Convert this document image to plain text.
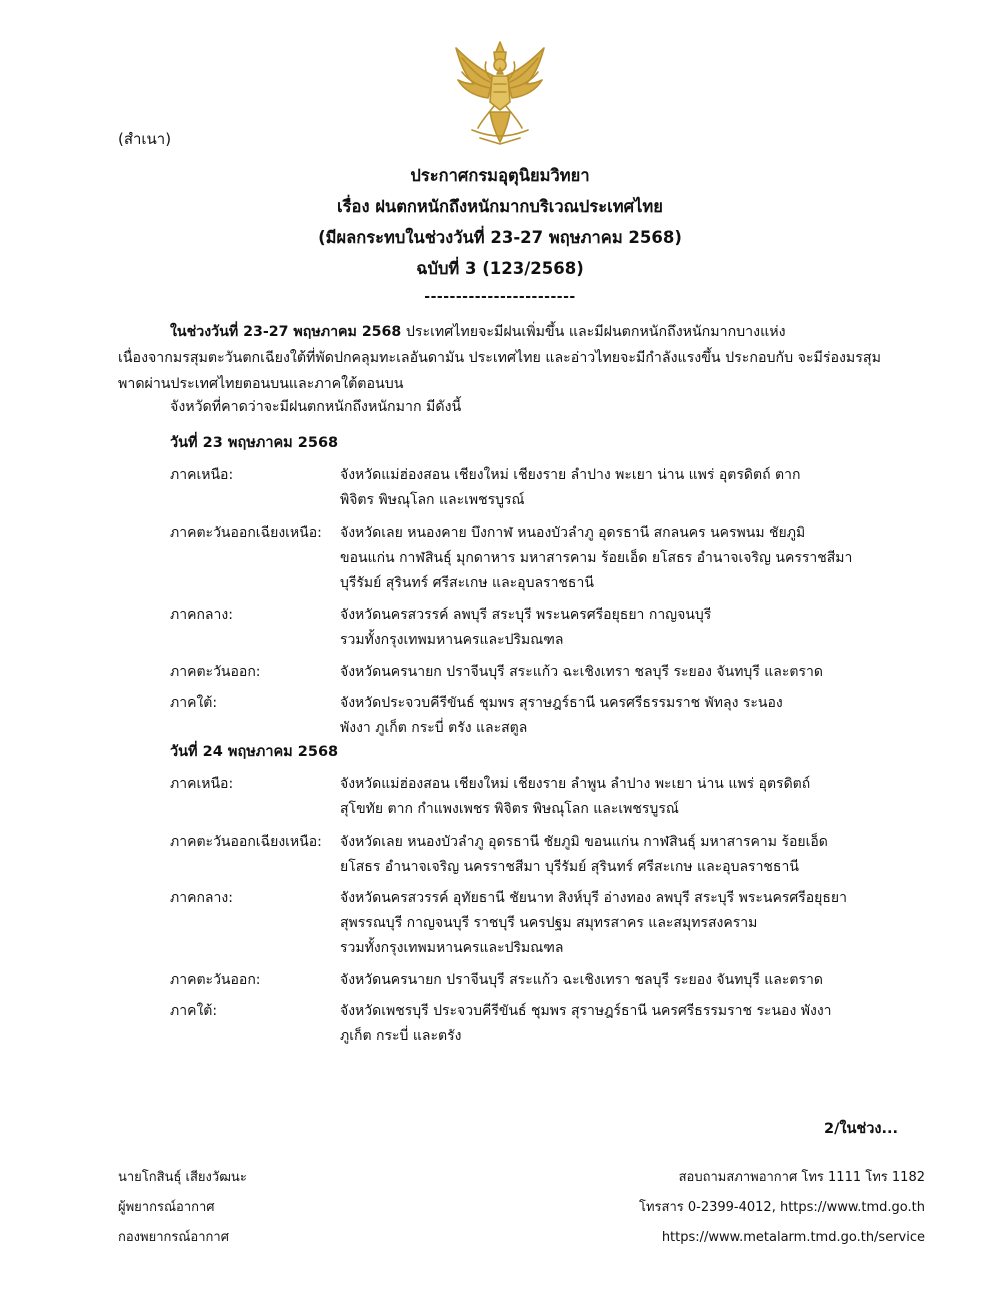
(สำเนา)
ประกาศกรมอุตุนิยมวิทยา
เรื่อง ฝนตกหนักถึงหนักมากบริเวณประเทศไทย
(มีผลกระทบในช่วงวันที่ 23-27 พฤษภาคม 2568)
ฉบับที่ 3 (123/2568)
------------------------
ในช่วงวันที่ 23-27 พฤษภาคม 2568 ประเทศไทยจะมีฝนเพิ่มขึ้น และมีฝนตกหนักถึงหนักมากบางแห่ง
เนื่องจากมรสุมตะวันตกเฉียงใต้ที่พัดปกคลุมทะเลอันดามัน ประเทศไทย และอ่าวไทยจะมีกำลังแรงขึ้น ประกอบกับ จะมีร่องมรสุม
พาดผ่านประเทศไทยตอนบนและภาคใต้ตอนบน
จังหวัดที่คาดว่าจะมีฝนตกหนักถึงหนักมาก มีดังนี้
วันที่ 23 พฤษภาคม 2568
ภาคเหนือ:	จังหวัดแม่ฮ่องสอน เชียงใหม่ เชียงราย ลำปาง พะเยา น่าน แพร่ อุตรดิตถ์ ตาก
พิจิตร พิษณุโลก และเพชรบูรณ์
ภาคตะวันออกเฉียงเหนือ: จังหวัดเลย หนองคาย บึงกาฬ หนองบัวลำภู อุดรธานี สกลนคร นครพนม ชัยภูมิ
ขอนแก่น กาฬสินธุ์ มุกดาหาร มหาสารคาม ร้อยเอ็ด ยโสธร อำนาจเจริญ นครราชสีมา
บุรีรัมย์ สุรินทร์ ศรีสะเกษ และอุบลราชธานี
ภาคกลาง:	จังหวัดนครสวรรค์ ลพบุรี สระบุรี พระนครศรีอยุธยา กาญจนบุรี
รวมทั้งกรุงเทพมหานครและปริมณฑล
ภาคตะวันออก:	จังหวัดนครนายก ปราจีนบุรี สระแก้ว ฉะเชิงเทรา ชลบุรี ระยอง จันทบุรี และตราด
ภาคใต้:	จังหวัดประจวบคีรีขันธ์ ชุมพร สุราษฎร์ธานี นครศรีธรรมราช พัทลุง ระนอง
พังงา ภูเก็ต กระบี่ ตรัง และสตูล
วันที่ 24 พฤษภาคม 2568
ภาคเหนือ:	จังหวัดแม่ฮ่องสอน เชียงใหม่ เชียงราย ลำพูน ลำปาง พะเยา น่าน แพร่ อุตรดิตถ์
สุโขทัย ตาก กำแพงเพชร พิจิตร พิษณุโลก และเพชรบูรณ์
ภาคตะวันออกเฉียงเหนือ: จังหวัดเลย หนองบัวลำภู อุดรธานี ชัยภูมิ ขอนแก่น กาฬสินธุ์ มหาสารคาม ร้อยเอ็ด
ยโสธร อำนาจเจริญ นครราชสีมา บุรีรัมย์ สุรินทร์ ศรีสะเกษ และอุบลราชธานี
ภาคกลาง:	จังหวัดนครสวรรค์ อุทัยธานี ชัยนาท สิงห์บุรี อ่างทอง ลพบุรี สระบุรี พระนครศรีอยุธยา
สุพรรณบุรี กาญจนบุรี ราชบุรี นครปฐม สมุทรสาคร และสมุทรสงคราม
รวมทั้งกรุงเทพมหานครและปริมณฑล
ภาคตะวันออก:	จังหวัดนครนายก ปราจีนบุรี สระแก้ว ฉะเชิงเทรา ชลบุรี ระยอง จันทบุรี และตราด
ภาคใต้:	จังหวัดเพชรบุรี ประจวบคีรีขันธ์ ชุมพร สุราษฎร์ธานี นครศรีธรรมราช ระนอง พังงา
ภูเก็ต กระบี่ และตรัง
2/ในช่วง...
นายโกสินธุ์ เสียงวัฒนะ
ผู้พยากรณ์อากาศ
กองพยากรณ์อากาศ
สอบถามสภาพอากาศ โทร 1111 โทร 1182
โทรสาร 0-2399-4012, https://www.tmd.go.th
https://www.metalarm.tmd.go.th/service
